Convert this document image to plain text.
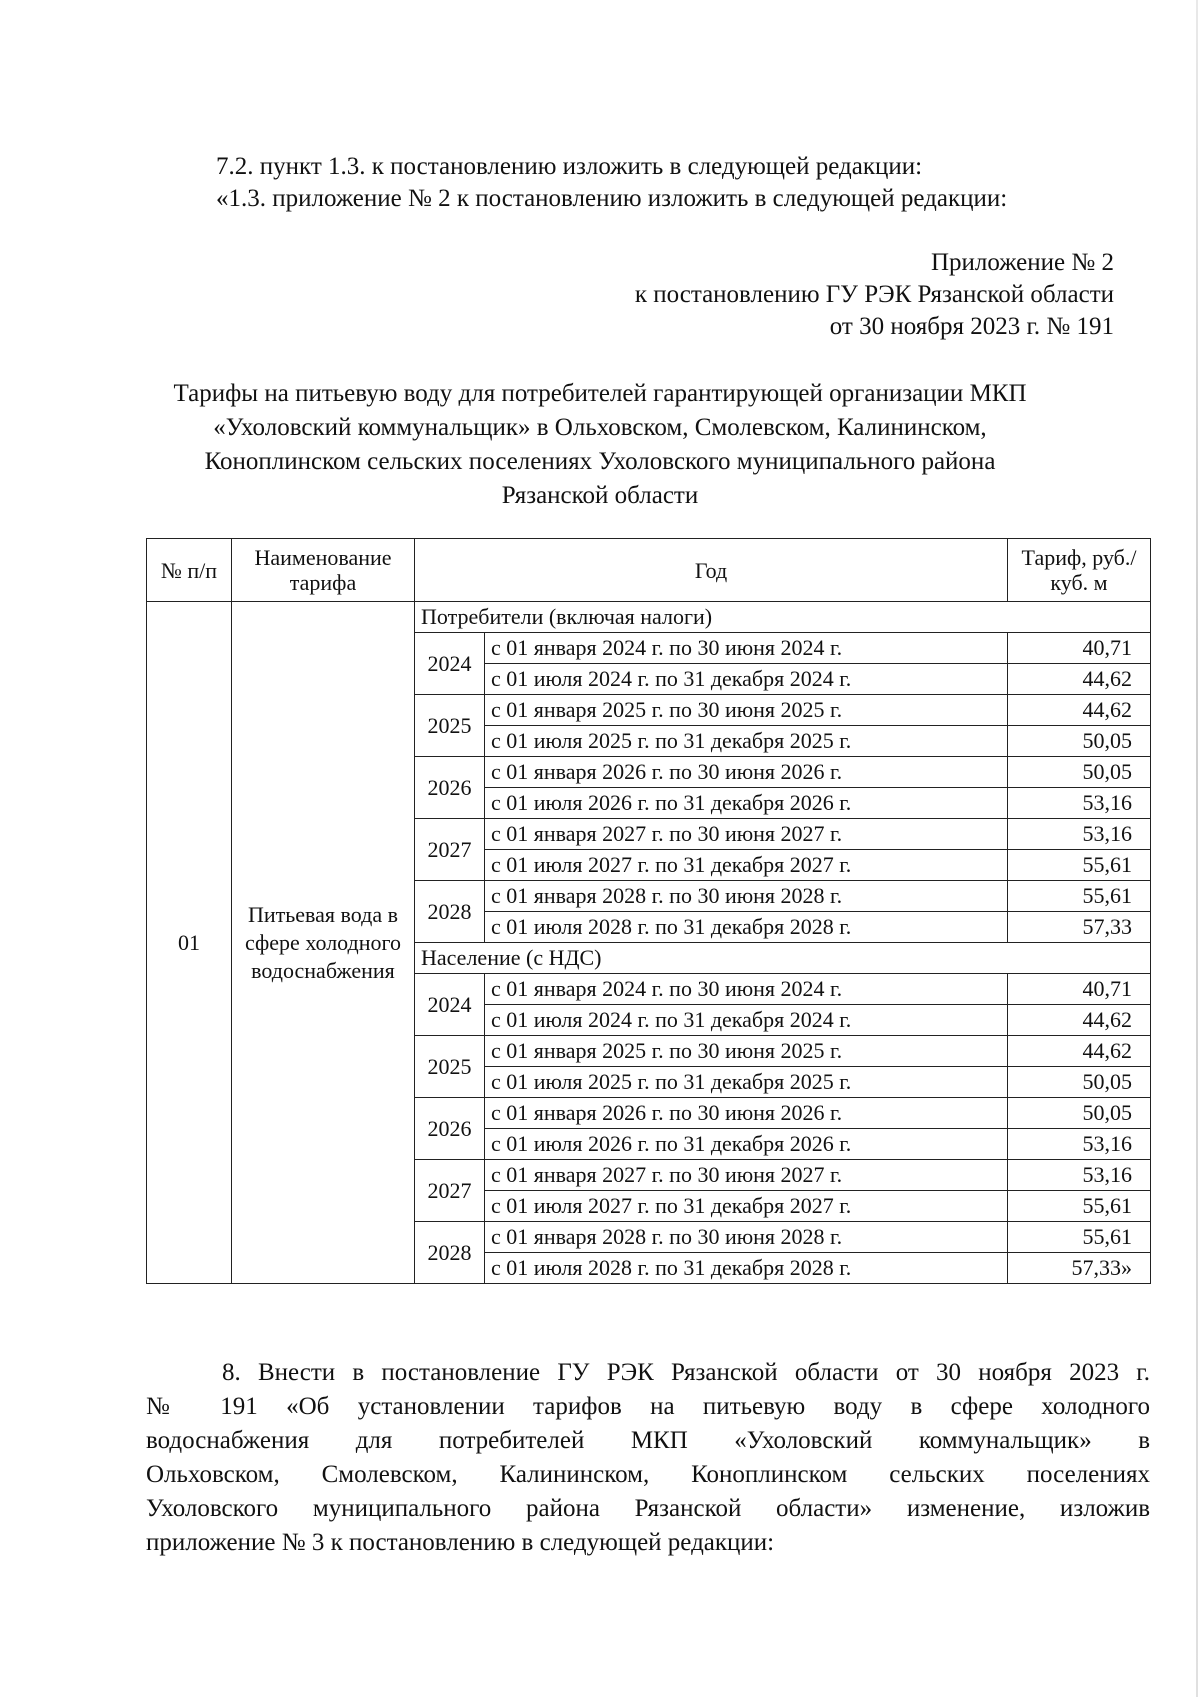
7.2. пункт 1.3. к постановлению изложить в следующей редакции:
«1.3. приложение № 2 к постановлению изложить в следующей редакции:
Приложение № 2
к постановлению ГУ РЭК Рязанской области
от 30 ноября 2023 г. № 191
Тарифы на питьевую воду для потребителей гарантирующей организации МКП
«Ухоловский коммунальщик» в Ольховском, Смолевском, Калининском,
Коноплинском сельских поселениях Ухоловского муниципального района
Рязанской области
№ п/п	Наименование тарифа	Год		Тариф, руб./куб. м
01	Питьевая вода в сфере холодного водоснабжения	Потребители (включая налоги)		
		2024	с 01 января 2024 г. по 30 июня 2024 г.	40,71
			с 01 июля 2024 г. по 31 декабря 2024 г.	44,62
		2025	с 01 января 2025 г. по 30 июня 2025 г.	44,62
			с 01 июля 2025 г. по 31 декабря 2025 г.	50,05
		2026	с 01 января 2026 г. по 30 июня 2026 г.	50,05
			с 01 июля 2026 г. по 31 декабря 2026 г.	53,16
		2027	с 01 января 2027 г. по 30 июня 2027 г.	53,16
			с 01 июля 2027 г. по 31 декабря 2027 г.	55,61
		2028	с 01 января 2028 г. по 30 июня 2028 г.	55,61
			с 01 июля 2028 г. по 31 декабря 2028 г.	57,33
		Население (с НДС)		
		2024	с 01 января 2024 г. по 30 июня 2024 г.	40,71
			с 01 июля 2024 г. по 31 декабря 2024 г.	44,62
		2025	с 01 января 2025 г. по 30 июня 2025 г.	44,62
			с 01 июля 2025 г. по 31 декабря 2025 г.	50,05
		2026	с 01 января 2026 г. по 30 июня 2026 г.	50,05
			с 01 июля 2026 г. по 31 декабря 2026 г.	53,16
		2027	с 01 января 2027 г. по 30 июня 2027 г.	53,16
			с 01 июля 2027 г. по 31 декабря 2027 г.	55,61
		2028	с 01 января 2028 г. по 30 июня 2028 г.	55,61
			с 01 июля 2028 г. по 31 декабря 2028 г.	57,33»
8. Внести в постановление ГУ РЭК Рязанской области от 30 ноября 2023 г.
№ 191 «Об установлении тарифов на питьевую воду в сфере холодного
водоснабжения для потребителей МКП «Ухоловский коммунальщик» в
Ольховском, Смолевском, Калининском, Коноплинском сельских поселениях
Ухоловского муниципального района Рязанской области» изменение, изложив
приложение № 3 к постановлению в следующей редакции:
